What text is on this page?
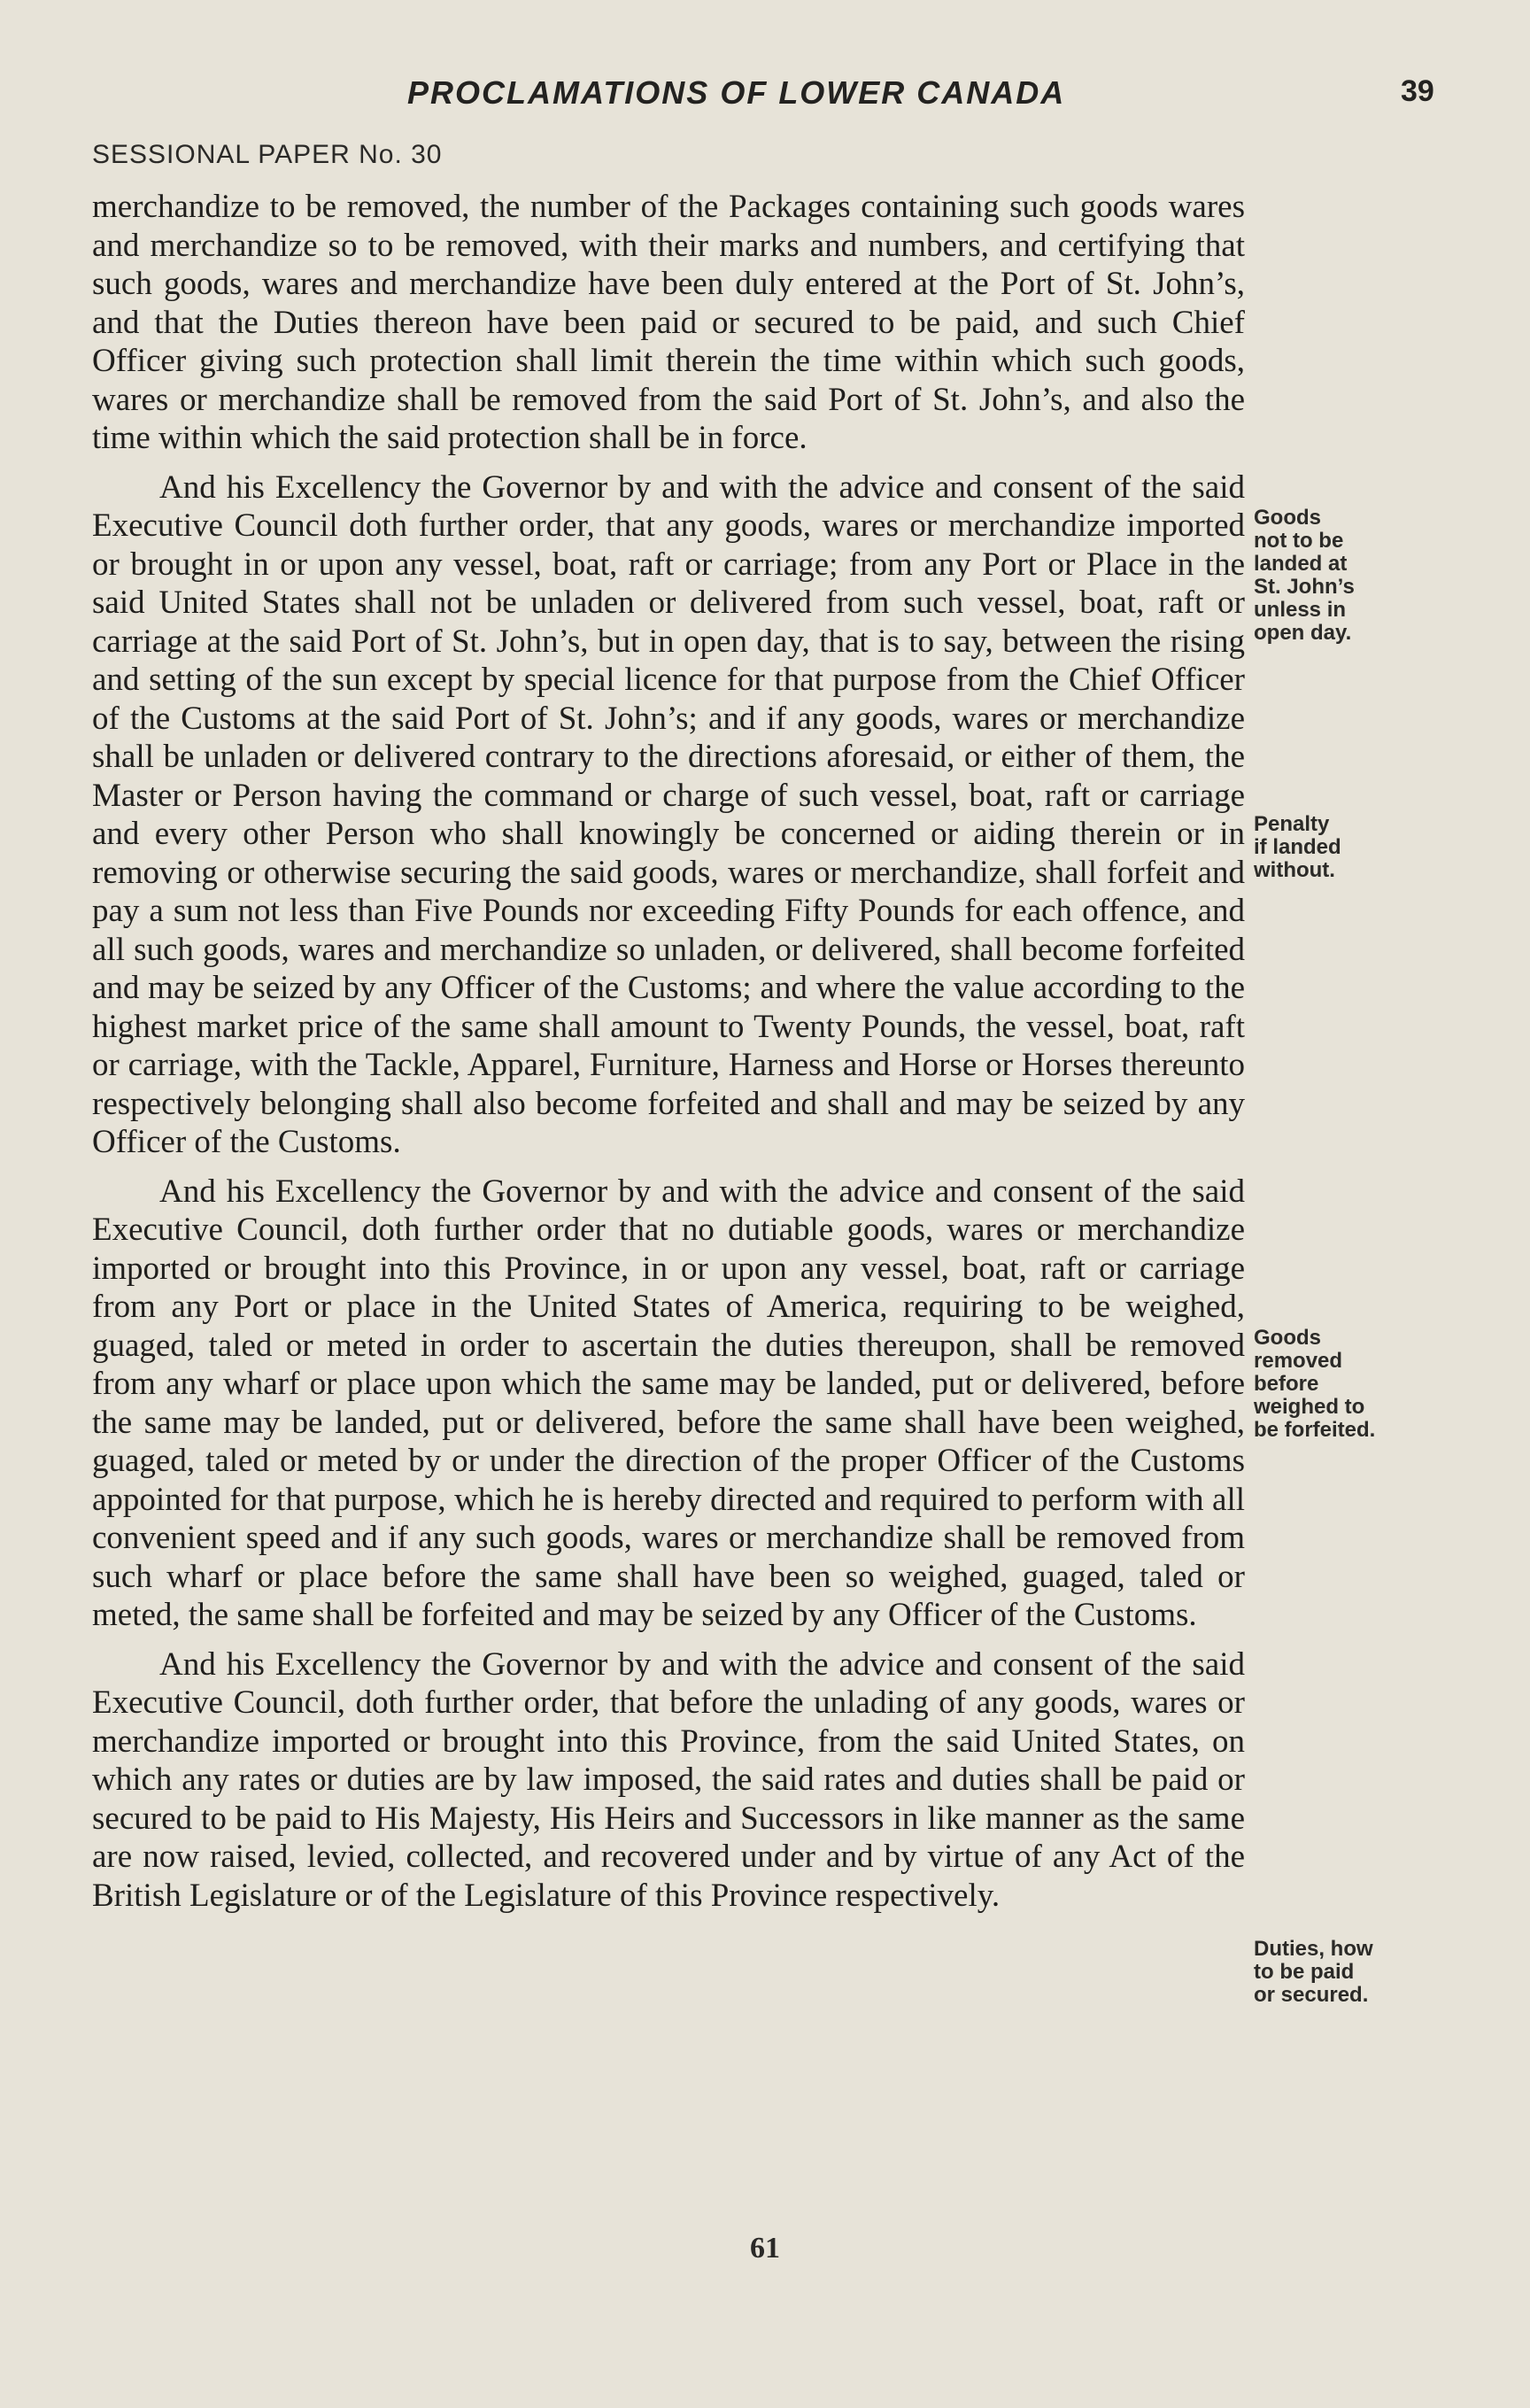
PROCLAMATIONS OF LOWER CANADA	39
SESSIONAL PAPER No. 30

merchandize to be removed, the number of the Packages containing such goods wares and merchandize so to be removed, with their marks and numbers, and certifying that such goods, wares and merchandize have been duly entered at the Port of St. John’s, and that the Duties thereon have been paid or secured to be paid, and such Chief Officer giving such protection shall limit therein the time within which such goods, wares or merchandize shall be removed from the said Port of St. John’s, and also the time within which the said protection shall be in force.

And his Excellency the Governor by and with the advice and consent of the said Executive Council doth further order, that any goods, wares or merchandize imported or brought in or upon any vessel, boat, raft or carriage; from any Port or Place in the said United States shall not be unladen or delivered from such vessel, boat, raft or carriage at the said Port of St. John’s, but in open day, that is to say, between the rising and setting of the sun except by special licence for that purpose from the Chief Officer of the Customs at the said Port of St. John’s; and if any goods, wares or merchandize shall be unladen or delivered contrary to the directions aforesaid, or either of them, the Master or Person having the command or charge of such vessel, boat, raft or carriage and every other Person who shall knowingly be concerned or aiding therein or in removing or otherwise securing the said goods, wares or merchandize, shall forfeit and pay a sum not less than Five Pounds nor exceeding Fifty Pounds for each offence, and all such goods, wares and merchandize so unladen, or delivered, shall become forfeited and may be seized by any Officer of the Customs; and where the value according to the highest market price of the same shall amount to Twenty Pounds, the vessel, boat, raft or carriage, with the Tackle, Apparel, Furniture, Harness and Horse or Horses thereunto respectively belonging shall also become forfeited and shall and may be seized by any Officer of the Customs.

And his Excellency the Governor by and with the advice and consent of the said Executive Council, doth further order that no dutiable goods, wares or merchandize imported or brought into this Province, in or upon any vessel, boat, raft or carriage from any Port or place in the United States of America, requiring to be weighed, guaged, taled or meted in order to ascertain the duties thereupon, shall be removed from any wharf or place upon which the same may be landed, put or delivered, before the same may be landed, put or delivered, before the same shall have been weighed, guaged, taled or meted by or under the direction of the proper Officer of the Customs appointed for that purpose, which he is hereby directed and required to perform with all convenient speed and if any such goods, wares or merchandize shall be removed from such wharf or place before the same shall have been so weighed, guaged, taled or meted, the same shall be forfeited and may be seized by any Officer of the Customs.

And his Excellency the Governor by and with the advice and consent of the said Executive Council, doth further order, that before the unlading of any goods, wares or merchandize imported or brought into this Province, from the said United States, on which any rates or duties are by law imposed, the said rates and duties shall be paid or secured to be paid to His Majesty, His Heirs and Successors in like manner as the same are now raised, levied, collected, and recovered under and by virtue of any Act of the British Legislature or of the Legislature of this Province respectively.

Goods
not to be
landed at
St. John’s
unless in
open day.
Penalty
if landed
without.
Goods
removed
before
weighed to
be forfeited.
Duties, how
to be paid
or secured.
61
